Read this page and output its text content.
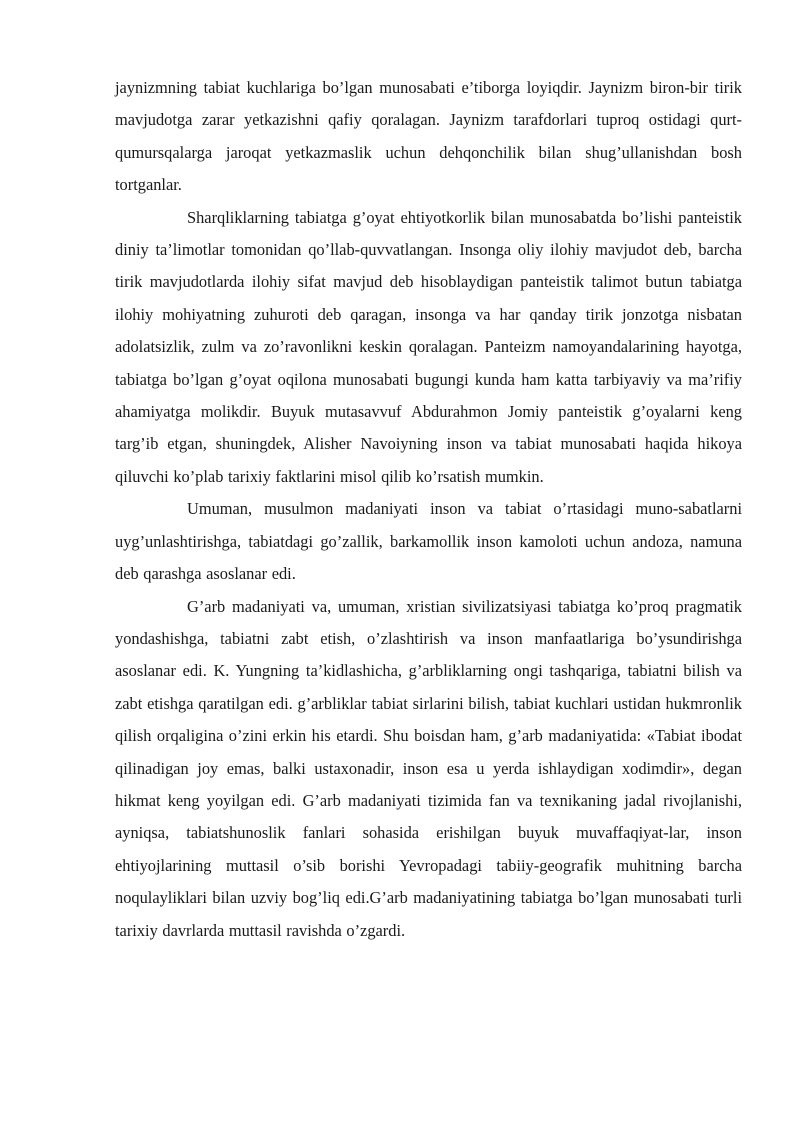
jaynizmning tabiat kuchlariga bo’lgan munosabati e’tiborga loyiqdir. Jaynizm biron-bir tirik mavjudotga zarar yetkazishni qafiy qoralagan. Jaynizm tarafdorlari tuproq ostidagi qurt-qumursqalarga jaroqat yetkazmaslik uchun dehqonchilik bilan shug’ullanishdan bosh tortganlar.

Sharqliklarning tabiatga g’oyat ehtiyotkorlik bilan munosabatda bo’lishi panteistik diniy ta’limotlar tomonidan qo’llab-quvvatlangan. Insonga oliy ilohiy mavjudot deb, barcha tirik mavjudotlarda ilohiy sifat mavjud deb hisoblaydigan panteistik talimot butun tabiatga ilohiy mohiyatning zuhuroti deb qaragan, insonga va har qanday tirik jonzotga nisbatan adolatsizlik, zulm va zo’ravonlikni keskin qoralagan. Panteizm namoyandalarining hayotga, tabiatga bo’lgan g’oyat oqilona munosabati bugungi kunda ham katta tarbiyaviy va ma’rifiy ahamiyatga molikdir. Buyuk mutasavvuf Abdurahmon Jomiy panteistik g’oyalarni keng targ’ib etgan, shuningdek, Alisher Navoiyning inson va tabiat munosabati haqida hikoya qiluvchi ko’plab tarixiy faktlarini misol qilib ko’rsatish mumkin.

Umuman, musulmon madaniyati inson va tabiat o’rtasidagi muno-sabatlarni uyg’unlashtirishga, tabiatdagi go’zallik, barkamollik inson kamoloti uchun andoza, namuna deb qarashga asoslanar edi.

G’arb madaniyati va, umuman, xristian sivilizatsiyasi tabiatga ko’proq pragmatik yondashishga, tabiatni zabt etish, o’zlashtirish va inson manfaatlariga bo’ysundirishga asoslanar edi. K. Yungning ta’kidlashicha, g’arbliklarning ongi tashqariga, tabiatni bilish va zabt etishga qaratilgan edi. g’arbliklar tabiat sirlarini bilish, tabiat kuchlari ustidan hukmronlik qilish orqaligina o’zini erkin his etardi. Shu boisdan ham, g’arb madaniyatida: «Tabiat ibodat qilinadigan joy emas, balki ustaxonadir, inson esa u yerda ishlaydigan xodimdir», degan hikmat keng yoyilgan edi. G’arb madaniyati tizimida fan va texnikaning jadal rivojlanishi, ayniqsa, tabiatshunoslik fanlari sohasida erishilgan buyuk muvaffaqiyat-lar, inson ehtiyojlarining muttasil o’sib borishi Yevropadagi tabiiy-geografik muhitning barcha noqulayliklari bilan uzviy bog’liq edi.G’arb madaniyatining tabiatga bo’lgan munosabati turli tarixiy davrlarda muttasil ravishda o’zgardi.
